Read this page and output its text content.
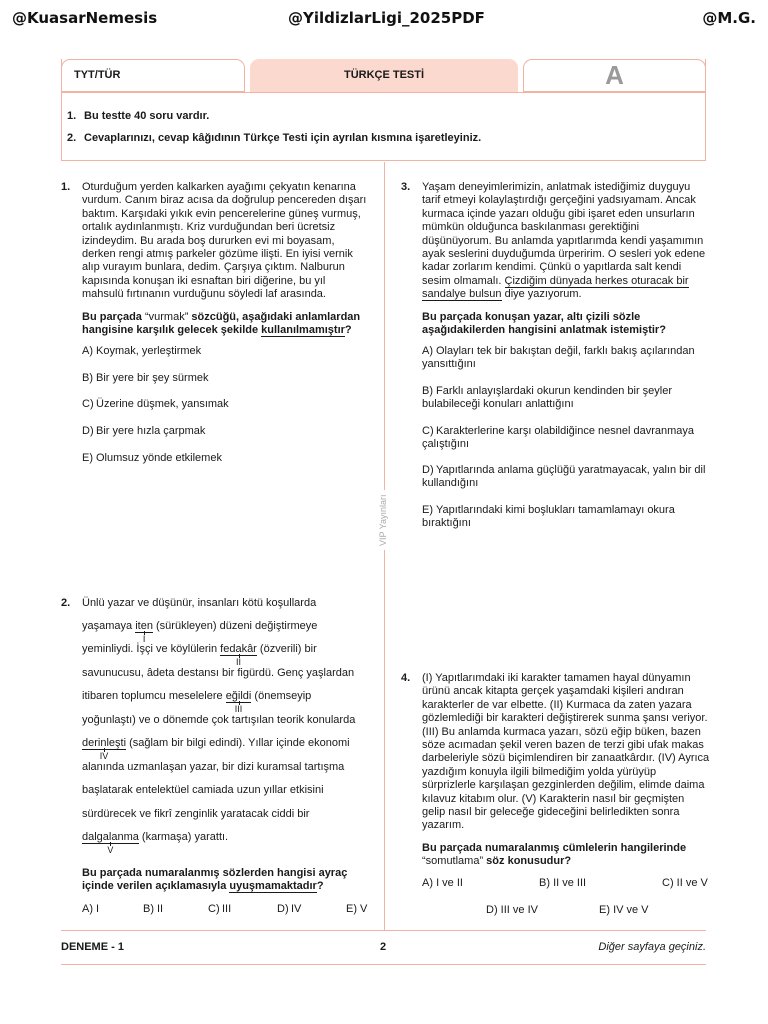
@KuasarNemesis	@YildizlarLigi_2025PDF	@M.G.
TYT/TÜR	TÜRKÇE TESTİ	A
1. Bu testte 40 soru vardır.
2. Cevaplarınızı, cevap kâğıdının Türkçe Testi için ayrılan kısmına işaretleyiniz.
VIP Yayınları
1. Oturduğum yerden kalkarken ayağımı çekyatın kenarına vurdum. Canım biraz acısa da doğrulup pencereden dışarı baktım. Karşıdaki yıkık evin pencerelerine güneş vurmuş, ortalık aydınlanmıştı. Kriz vurduğundan beri ücretsiz izindeydim. Bu arada boş dururken evi mi boyasam, derken rengi atmış parkeler gözüme ilişti. En iyisi vernik alıp vurayım bunlara, dedim. Çarşıya çıktım. Nalburun kapısında konuşan iki esnaftan biri diğerine, bu yıl mahsulü fırtınanın vurduğunu söyledi laf arasında.
Bu parçada “vurmak” sözcüğü, aşağıdaki anlamlardan hangisine karşılık gelecek şekilde kullanılmamıştır?
A) Koymak, yerleştirmek
B) Bir yere bir şey sürmek
C) Üzerine düşmek, yansımak
D) Bir yere hızla çarpmak
E) Olumsuz yönde etkilemek
2. Ünlü yazar ve düşünür, insanları kötü koşullarda
yaşamaya iten
I
(sürükleyen) düzeni değiştirmeye
yeminliydi. İşçi ve köylülerin fedakâr
II
(özverili) bir
savunucusu, âdeta destansı bir figürdü. Genç yaşlardan
itibaren toplumcu meselelere eğildi
III
(önemseyip
yoğunlaştı) ve o dönemde çok tartışılan teorik konularda
derinleşti
IV
(sağlam bir bilgi edindi). Yıllar içinde ekonomi
alanında uzmanlaşan yazar, bir dizi kuramsal tartışma
başlatarak entelektüel camiada uzun yıllar etkisini
sürdürecek ve fikrî zenginlik yaratacak ciddi bir
dalgalanma
V
(karmaşa) yarattı.
Bu parçada numaralanmış sözlerden hangisi ayraç içinde verilen açıklamasıyla uyuşmamaktadır?
A) I	B) II	C) III	D) IV	E) V
3. Yaşam deneyimlerimizin, anlatmak istediğimiz duyguyu tarif etmeyi kolaylaştırdığı gerçeğini yadsıyamam. Ancak kurmaca içinde yazarı olduğu gibi işaret eden unsurların mümkün olduğunca baskılanması gerektiğini düşünüyorum. Bu anlamda yapıtlarımda kendi yaşamımın ayak seslerini duyduğumda ürperirim. O sesleri yok edene kadar zorlarım kendimi. Çünkü o yapıtlarda salt kendi sesim olmamalı. Çizdiğim dünyada herkes oturacak bir sandalye bulsun diye yazıyorum.
Bu parçada konuşan yazar, altı çizili sözle aşağıdakilerden hangisini anlatmak istemiştir?
A) Olayları tek bir bakıştan değil, farklı bakış açılarından yansıttığını
B) Farklı anlayışlardaki okurun kendinden bir şeyler bulabileceği konuları anlattığını
C) Karakterlerine karşı olabildiğince nesnel davranmaya çalıştığını
D) Yapıtlarında anlama güçlüğü yaratmayacak, yalın bir dil kullandığını
E) Yapıtlarındaki kimi boşlukları tamamlamayı okura bıraktığını
4. (I) Yapıtlarımdaki iki karakter tamamen hayal dünyamın ürünü ancak kitapta gerçek yaşamdaki kişileri andıran karakterler de var elbette. (II) Kurmaca da zaten yazara gözlemlediği bir karakteri değiştirerek sunma şansı veriyor. (III) Bu anlamda kurmaca yazarı, sözü eğip büken, bazen söze acımadan şekil veren bazen de terzi gibi ufak makas darbeleriyle sözü biçimlendiren bir zanaatkârdır. (IV) Ayrıca yazdığım konuyla ilgili bilmediğim yolda yürüyüp sürprizlerle karşılaşan gezginlerden değilim, elimde daima kılavuz kitabım olur. (V) Karakterin nasıl bir geçmişten gelip nasıl bir geleceğe gideceğini belirledikten sonra yazarım.
Bu parçada numaralanmış cümlelerin hangilerinde “somutlama” söz konusudur?
A) I ve II	B) II ve III	C) II ve V
D) III ve IV	E) IV ve V
DENEME - 1	2	Diğer sayfaya geçiniz.
